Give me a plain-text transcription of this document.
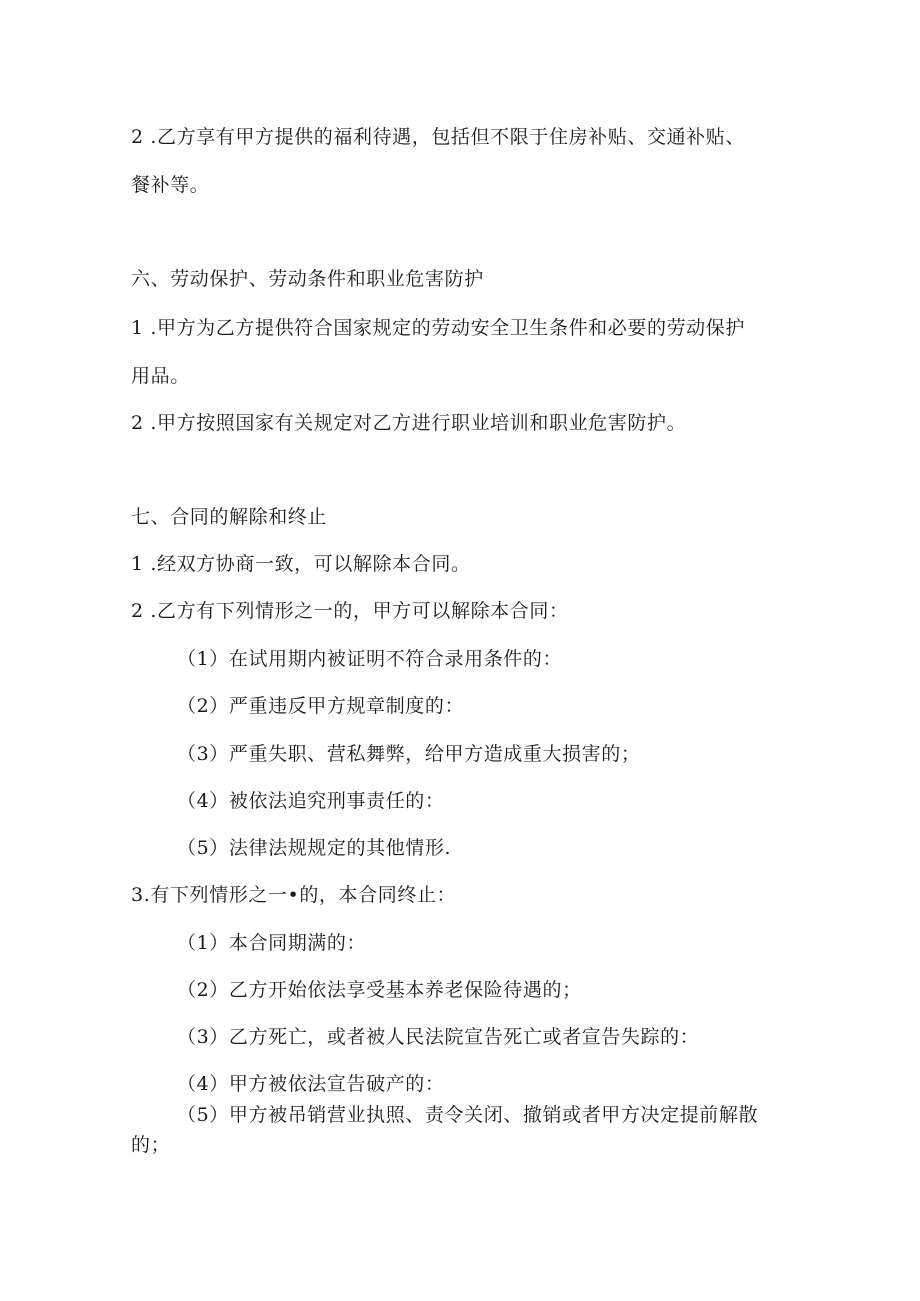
2 .乙方享有甲方提供的福利待遇，包括但不限于住房补贴、交通补贴、
餐补等。
六、劳动保护、劳动条件和职业危害防护
1 .甲方为乙方提供符合国家规定的劳动安全卫生条件和必要的劳动保护
用品。
2 .甲方按照国家有关规定对乙方进行职业培训和职业危害防护。
七、合同的解除和终止
1 .经双方协商一致，可以解除本合同。
2 .乙方有下列情形之一的，甲方可以解除本合同：
（1）在试用期内被证明不符合录用条件的：
（2）严重违反甲方规章制度的：
（3）严重失职、营私舞弊，给甲方造成重大损害的；
（4）被依法追究刑事责任的：
（5）法律法规规定的其他情形.
3.有下列情形之一•的，本合同终止：
（1）本合同期满的：
（2）乙方开始依法享受基本养老保险待遇的；
（3）乙方死亡，或者被人民法院宣告死亡或者宣告失踪的：
（4）甲方被依法宣告破产的：
（5）甲方被吊销营业执照、责令关闭、撤销或者甲方决定提前解散
的；
